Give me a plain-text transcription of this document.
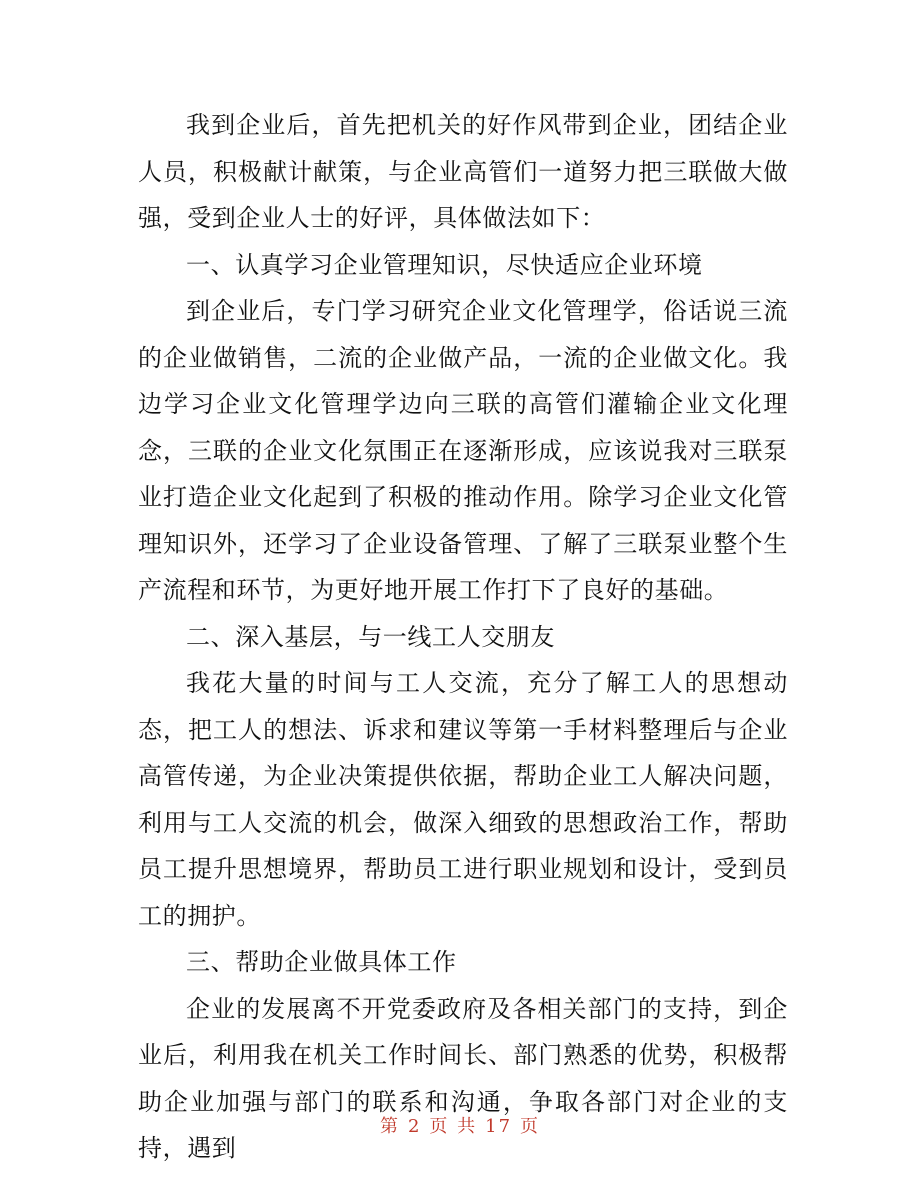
我到企业后，首先把机关的好作风带到企业，团结企业人员，积极献计献策，与企业高管们一道努力把三联做大做强，受到企业人士的好评，具体做法如下：

一、认真学习企业管理知识，尽快适应企业环境

到企业后，专门学习研究企业文化管理学，俗话说三流的企业做销售，二流的企业做产品，一流的企业做文化。我边学习企业文化管理学边向三联的高管们灌输企业文化理念，三联的企业文化氛围正在逐渐形成，应该说我对三联泵业打造企业文化起到了积极的推动作用。除学习企业文化管理知识外，还学习了企业设备管理、了解了三联泵业整个生产流程和环节，为更好地开展工作打下了良好的基础。

二、深入基层，与一线工人交朋友

我花大量的时间与工人交流，充分了解工人的思想动态，把工人的想法、诉求和建议等第一手材料整理后与企业高管传递，为企业决策提供依据，帮助企业工人解决问题，利用与工人交流的机会，做深入细致的思想政治工作，帮助员工提升思想境界，帮助员工进行职业规划和设计，受到员工的拥护。

三、帮助企业做具体工作

企业的发展离不开党委政府及各相关部门的支持，到企业后，利用我在机关工作时间长、部门熟悉的优势，积极帮助企业加强与部门的联系和沟通，争取各部门对企业的支持，遇到

第 2 页 共 17 页
